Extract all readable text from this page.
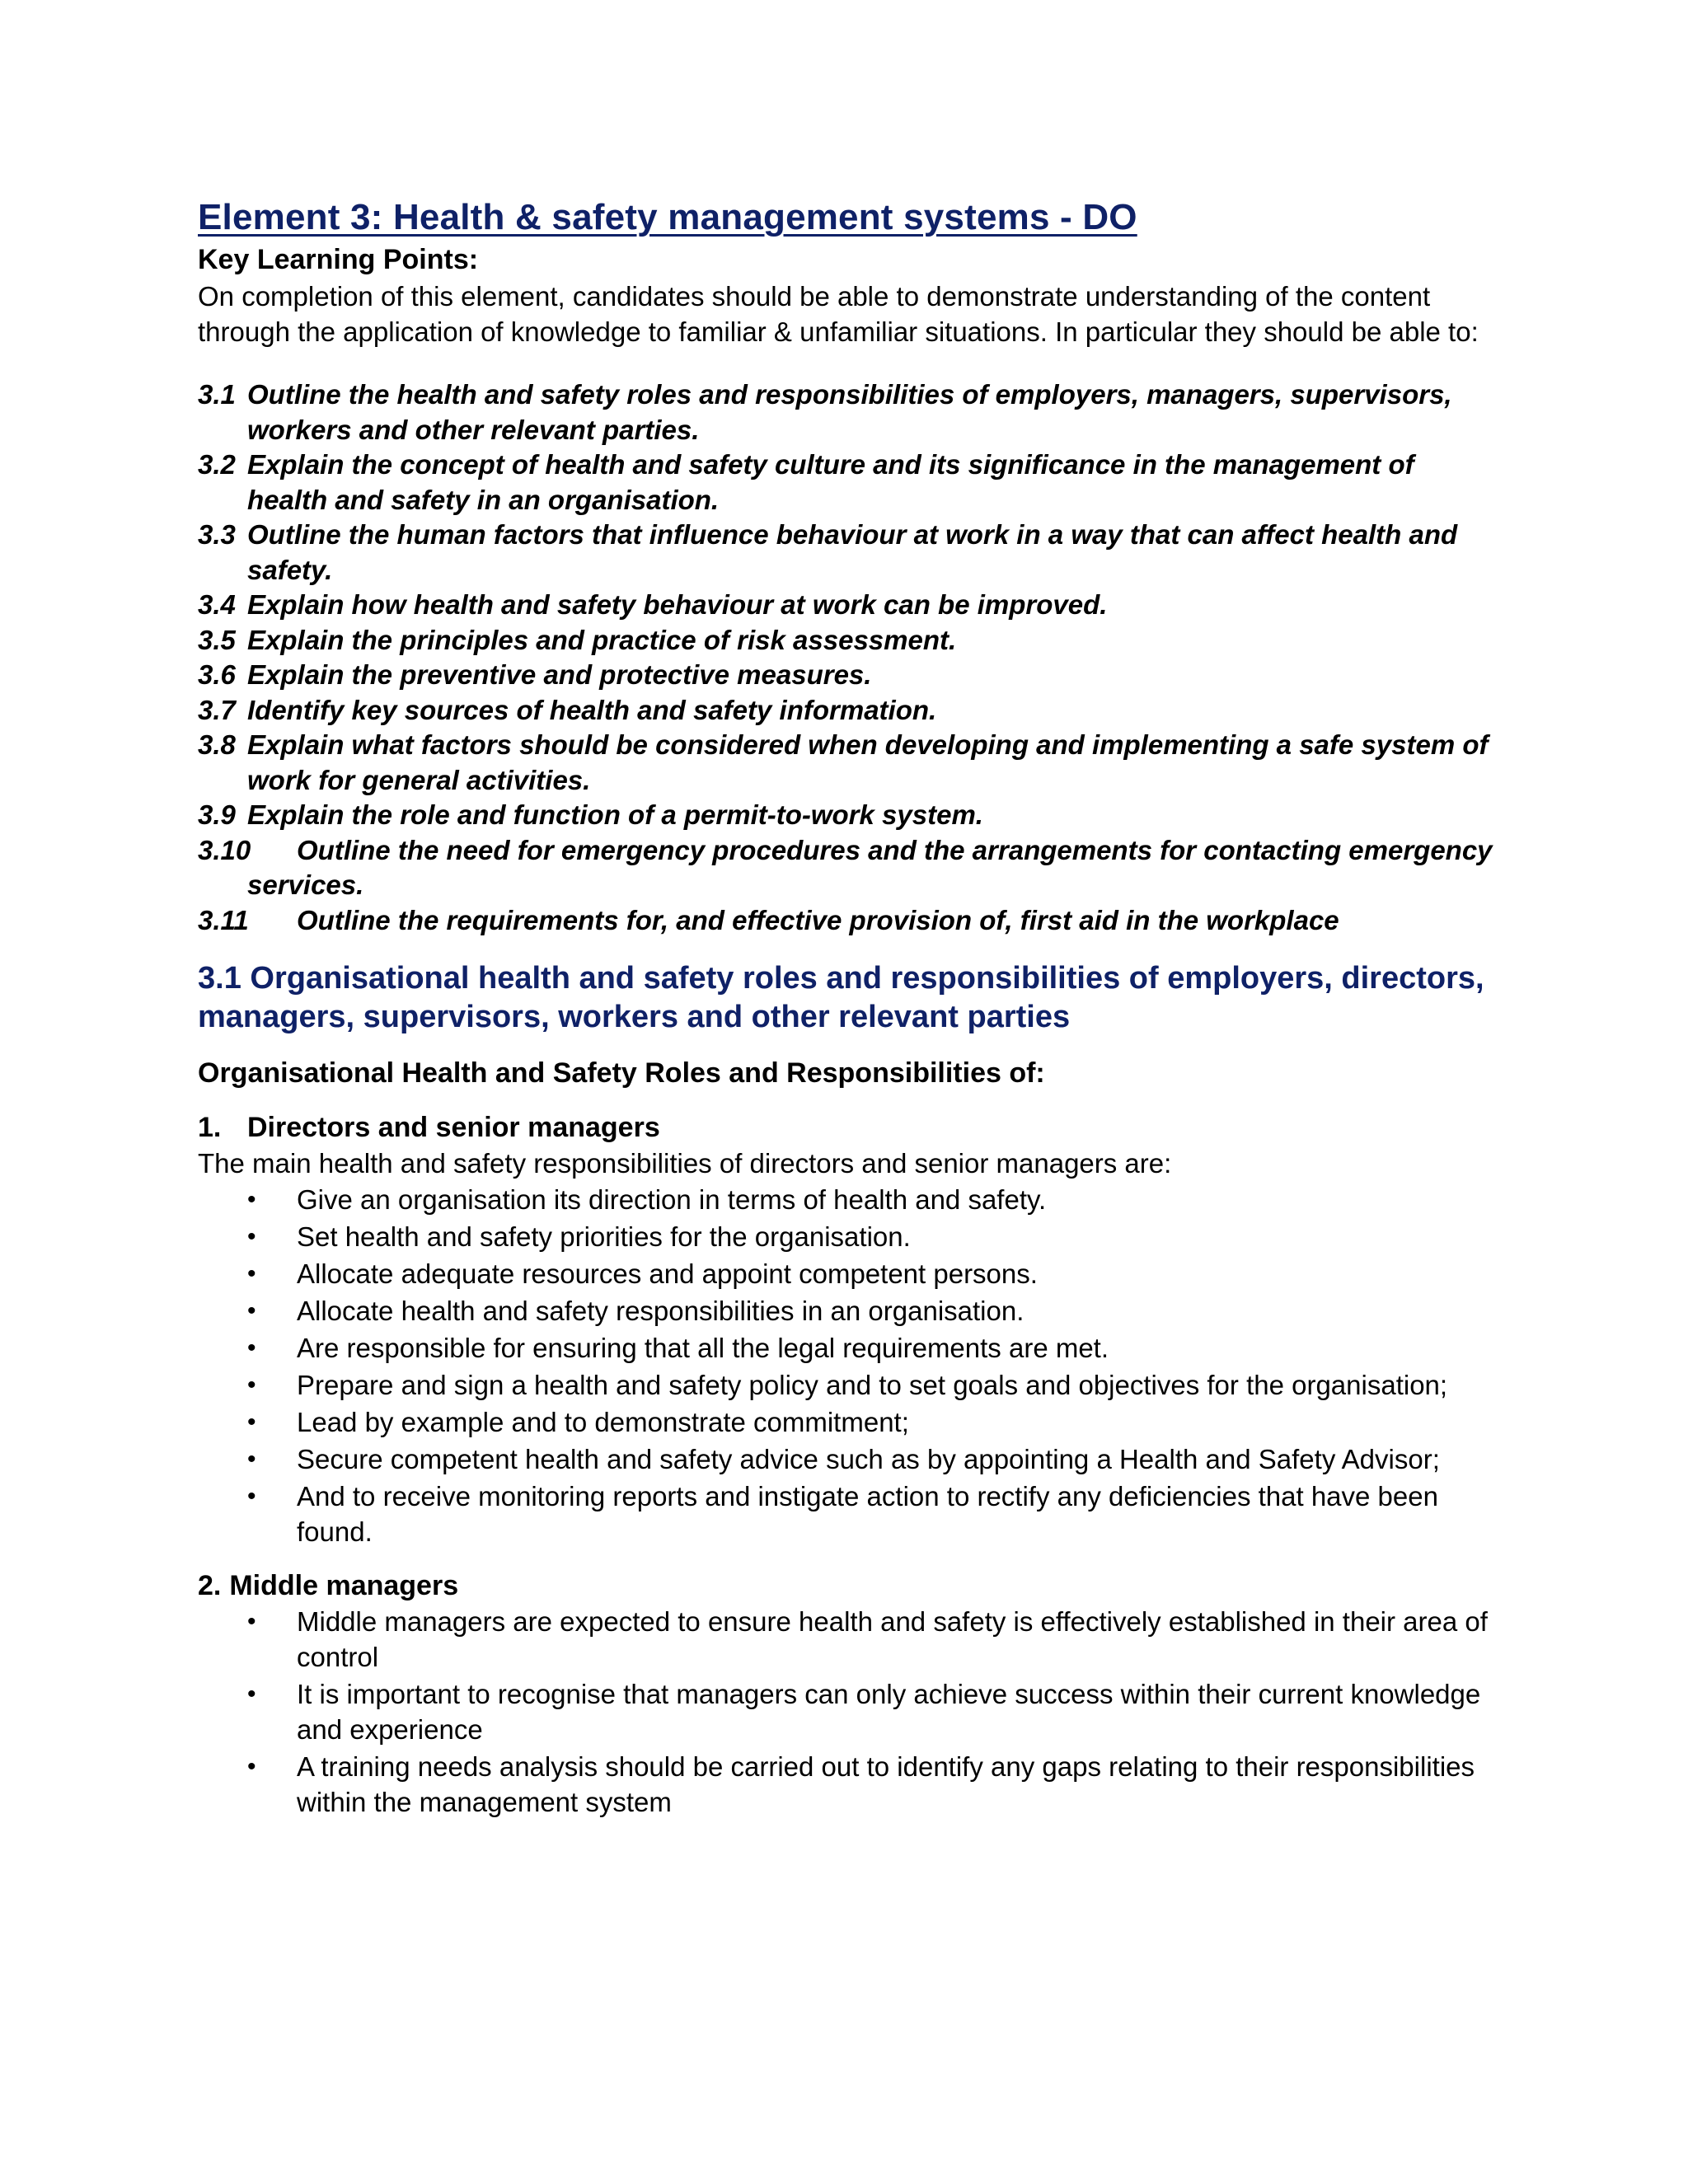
Element 3: Health & safety management systems - DO

Key Learning Points:

On completion of this element, candidates should be able to demonstrate understanding of the content through the application of knowledge to familiar & unfamiliar situations. In particular they should be able to:

3.1 Outline the health and safety roles and responsibilities of employers, managers, supervisors, workers and other relevant parties.
3.2 Explain the concept of health and safety culture and its significance in the management of health and safety in an organisation.
3.3 Outline the human factors that influence behaviour at work in a way that can affect health and safety.
3.4 Explain how health and safety behaviour at work can be improved.
3.5 Explain the principles and practice of risk assessment.
3.6 Explain the preventive and protective measures.
3.7 Identify key sources of health and safety information.
3.8 Explain what factors should be considered when developing and implementing a safe system of work for general activities.
3.9 Explain the role and function of a permit-to-work system.
3.10 Outline the need for emergency procedures and the arrangements for contacting emergency services.
3.11 Outline the requirements for, and effective provision of, first aid in the workplace
3.1 Organisational health and safety roles and responsibilities of employers, directors, managers, supervisors, workers and other relevant parties
Organisational Health and Safety Roles and Responsibilities of:
1. Directors and senior managers

The main health and safety responsibilities of directors and senior managers are:

• Give an organisation its direction in terms of health and safety.
• Set health and safety priorities for the organisation.
• Allocate adequate resources and appoint competent persons.
• Allocate health and safety responsibilities in an organisation.
• Are responsible for ensuring that all the legal requirements are met.
• Prepare and sign a health and safety policy and to set goals and objectives for the organisation;
• Lead by example and to demonstrate commitment;
• Secure competent health and safety advice such as by appointing a Health and Safety Advisor;
• And to receive monitoring reports and instigate action to rectify any deficiencies that have been found.
2. Middle managers
• Middle managers are expected to ensure health and safety is effectively established in their area of control
• It is important to recognise that managers can only achieve success within their current knowledge and experience
• A training needs analysis should be carried out to identify any gaps relating to their responsibilities within the management system
